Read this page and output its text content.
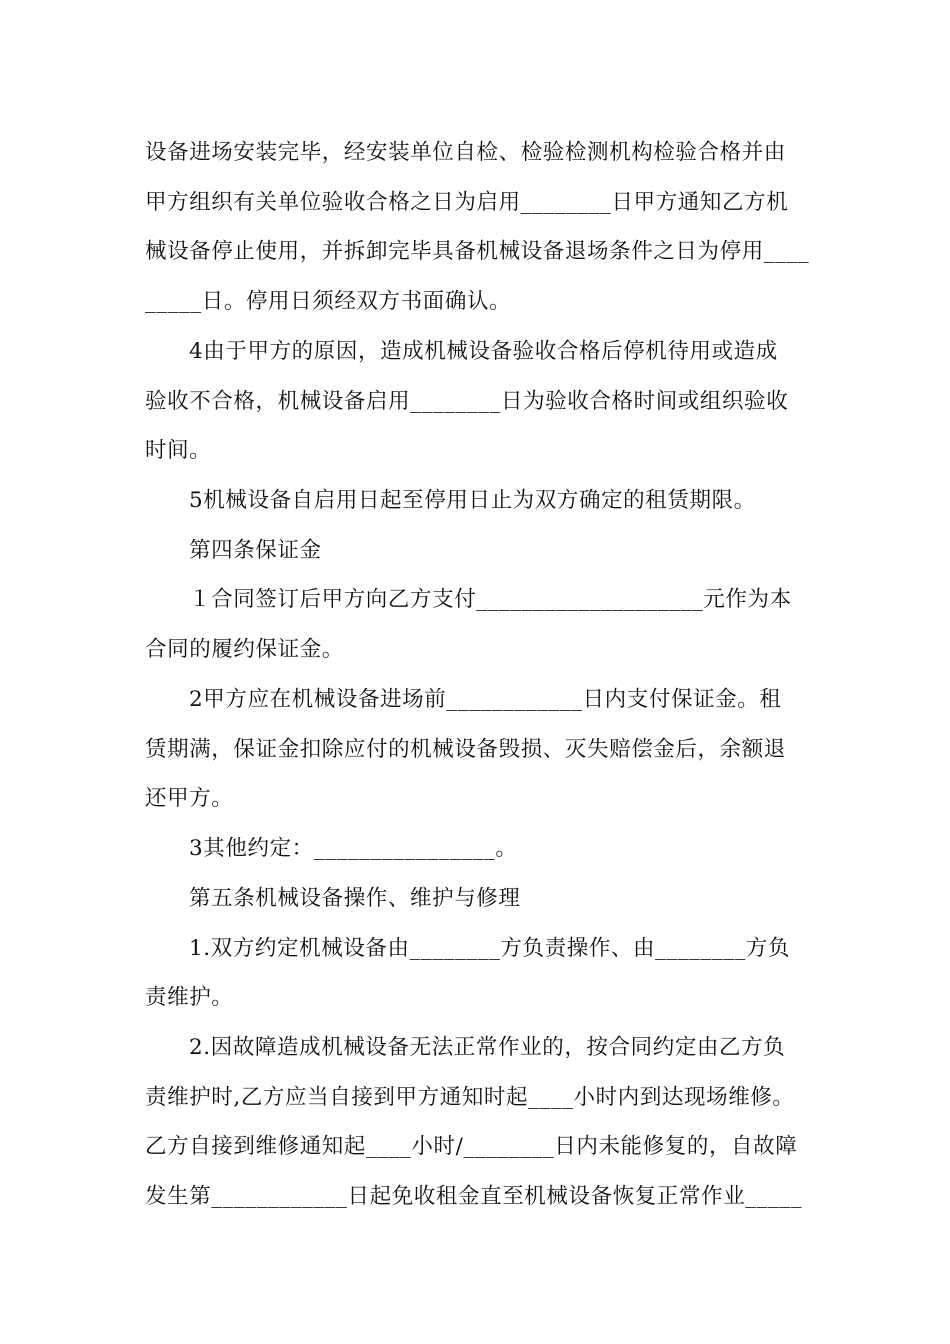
设备进场安装完毕，经安装单位自检、检验检测机构检验合格并由
甲方组织有关单位验收合格之日为启用________日甲方通知乙方机
械设备停止使用，并拆卸完毕具备机械设备退场条件之日为停用____
_____日。停用日须经双方书面确认。
4由于甲方的原因，造成机械设备验收合格后停机待用或造成
验收不合格，机械设备启用________日为验收合格时间或组织验收
时间。
5机械设备自启用日起至停用日止为双方确定的租赁期限。
第四条保证金
１合同签订后甲方向乙方支付____________________元作为本
合同的履约保证金。
2甲方应在机械设备进场前____________日内支付保证金。租
赁期满，保证金扣除应付的机械设备毁损、灭失赔偿金后，余额退
还甲方。
3其他约定：________________。
第五条机械设备操作、维护与修理
1.双方约定机械设备由________方负责操作、由________方负
责维护。
2.因故障造成机械设备无法正常作业的，按合同约定由乙方负
责维护时,乙方应当自接到甲方通知时起____小时内到达现场维修。
乙方自接到维修通知起____小时/________日内未能修复的，自故障
发生第____________日起免收租金直至机械设备恢复正常作业_____
